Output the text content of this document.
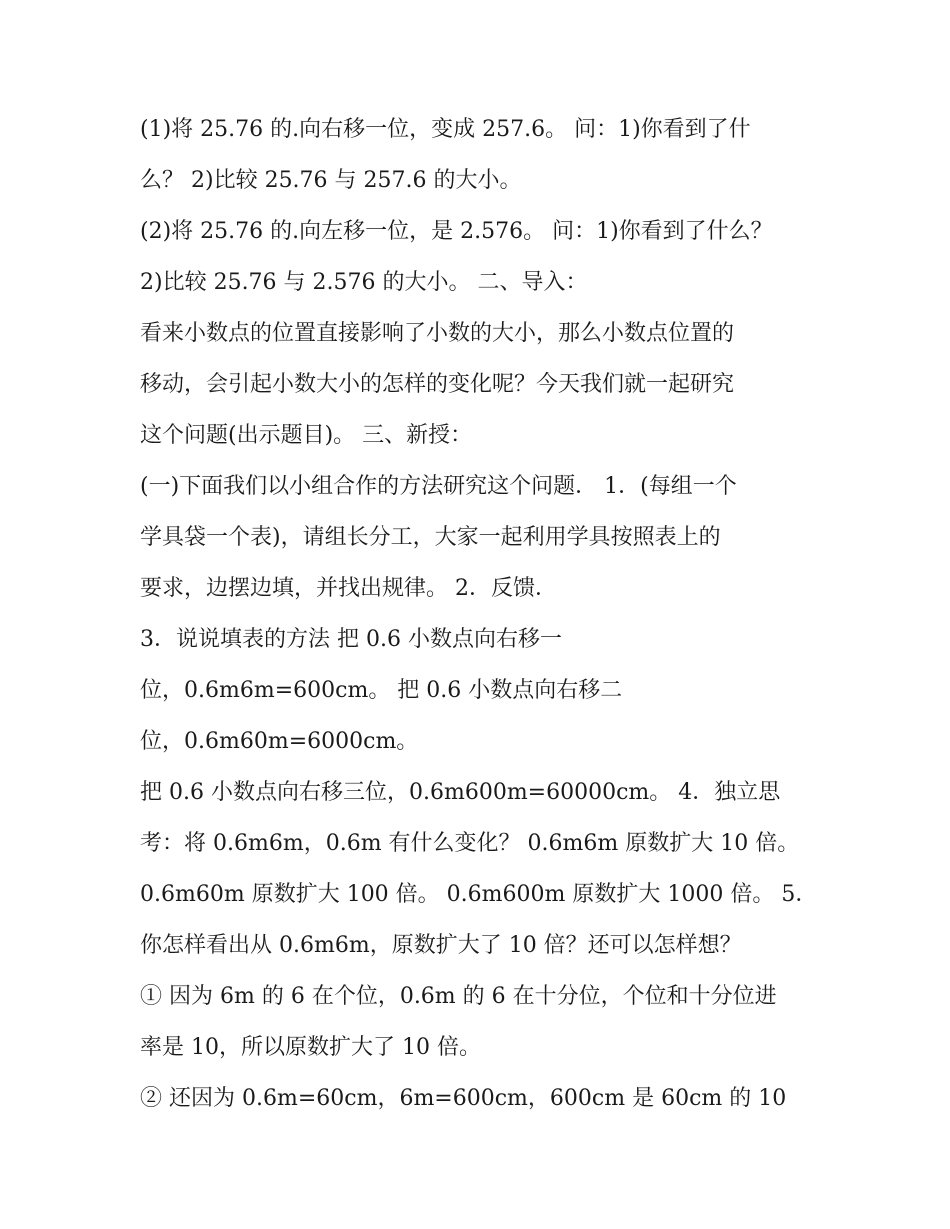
(1)将 25.76 的.向右移一位，变成 257.6。 问：1)你看到了什
么？ 2)比较 25.76 与 257.6 的大小。
(2)将 25.76 的.向左移一位，是 2.576。 问：1)你看到了什么？
2)比较 25.76 与 2.576 的大小。 二、导入：
看来小数点的位置直接影响了小数的大小，那么小数点位置的
移动，会引起小数大小的怎样的变化呢？今天我们就一起研究
这个问题(出示题目)。 三、新授：
(一)下面我们以小组合作的方法研究这个问题． 1．(每组一个
学具袋一个表)，请组长分工，大家一起利用学具按照表上的
要求，边摆边填，并找出规律。 2．反馈．
3．说说填表的方法 把 0.6 小数点向右移一
位，0.6m6m=600cm。 把 0.6 小数点向右移二
位，0.6m60m=6000cm。
把 0.6 小数点向右移三位，0.6m600m=60000cm。 4．独立思
考：将 0.6m6m，0.6m 有什么变化？ 0.6m6m 原数扩大 10 倍。
0.6m60m 原数扩大 100 倍。 0.6m600m 原数扩大 1000 倍。 5．
你怎样看出从 0.6m6m，原数扩大了 10 倍？还可以怎样想？
① 因为 6m 的 6 在个位，0.6m 的 6 在十分位，个位和十分位进
率是 10，所以原数扩大了 10 倍。
② 还因为 0.6m=60cm，6m=600cm，600cm 是 60cm 的 10
